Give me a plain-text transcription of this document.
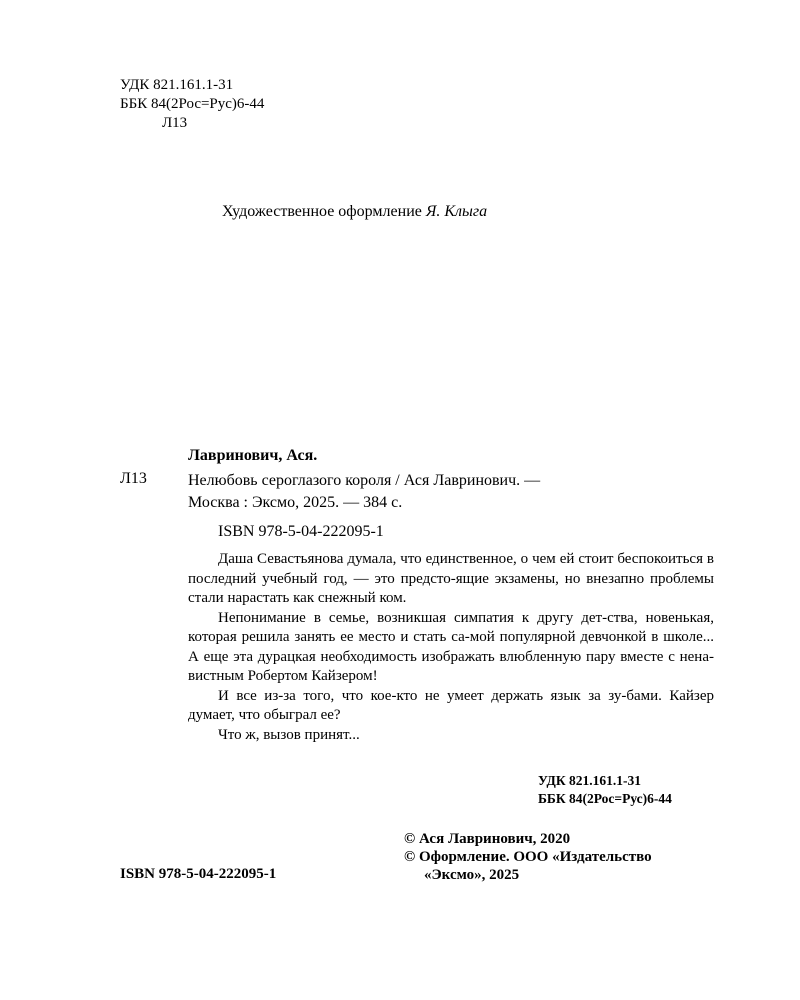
УДК 821.161.1-31
ББК 84(2Рос=Рус)6-44
Л13
Художественное оформление Я. Клыга
Лавринович, Ася.
Л13	Нелюбовь сероглазого короля / Ася Лавринович. —
Москва : Эксмо, 2025. — 384 с.
ISBN 978-5-04-222095-1

Даша Севастьянова думала, что единственное, о чем ей стоит беспокоиться в последний учебный год, — это предсто-ящие экзамены, но внезапно проблемы стали нарастать как снежный ком.

Непонимание в семье, возникшая симпатия к другу дет-ства, новенькая, которая решила занять ее место и стать са-мой популярной девчонкой в школе... А еще эта дурацкая необходимость изображать влюбленную пару вместе с нена-вистным Робертом Кайзером!

И все из-за того, что кое-кто не умеет держать язык за зу-бами. Кайзер думает, что обыграл ее?

Что ж, вызов принят...

УДК 821.161.1-31
ББК 84(2Рос=Рус)6-44
© Ася Лавринович, 2020
© Оформление. ООО «Издательство
«Эксмо», 2025
ISBN 978-5-04-222095-1
